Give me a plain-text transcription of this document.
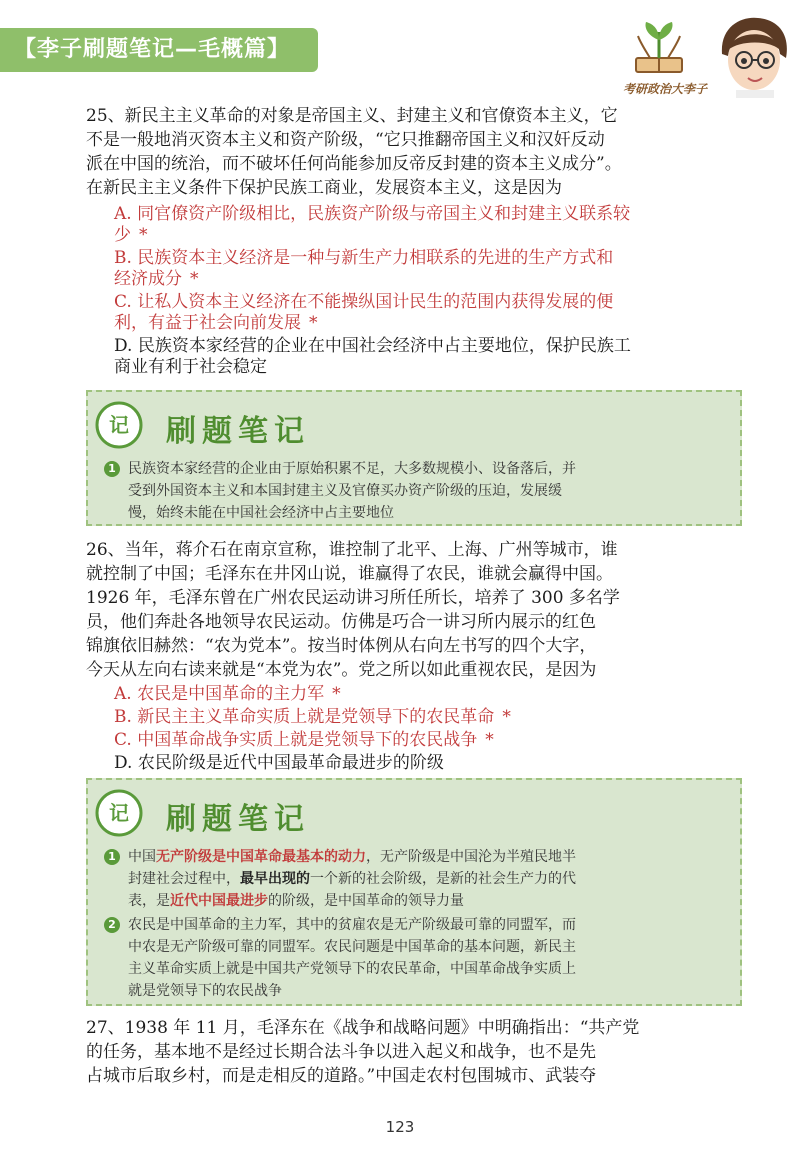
【李子刷题笔记—毛概篇】
考研政治大李子
25、新民主主义革命的对象是帝国主义、封建主义和官僚资本主义，它
不是一般地消灭资本主义和资产阶级，“它只推翻帝国主义和汉奸反动
派在中国的统治，而不破坏任何尚能参加反帝反封建的资本主义成分”。
在新民主主义条件下保护民族工商业，发展资本主义，这是因为
A. 同官僚资产阶级相比，民族资产阶级与帝国主义和封建主义联系较
少 *
B. 民族资本主义经济是一种与新生产力相联系的先进的生产方式和
经济成分 *
C. 让私人资本主义经济在不能操纵国计民生的范围内获得发展的便
利，有益于社会向前发展 *
D. 民族资本家经营的企业在中国社会经济中占主要地位，保护民族工
商业有利于社会稳定
记 刷题笔记
1 民族资本家经营的企业由于原始积累不足，大多数规模小、设备落后，并
受到外国资本主义和本国封建主义及官僚买办资产阶级的压迫，发展缓
慢，始终未能在中国社会经济中占主要地位
26、当年，蒋介石在南京宣称，谁控制了北平、上海、广州等城市，谁
就控制了中国；毛泽东在井冈山说，谁赢得了农民，谁就会赢得中国。
1926 年，毛泽东曾在广州农民运动讲习所任所长，培养了 300 多名学
员，他们奔赴各地领导农民运动。仿佛是巧合一讲习所内展示的红色
锦旗依旧赫然：“农为党本”。按当时体例从右向左书写的四个大字，
今天从左向右读来就是“本党为农”。党之所以如此重视农民，是因为
A. 农民是中国革命的主力军 *
B. 新民主主义革命实质上就是党领导下的农民革命 *
C. 中国革命战争实质上就是党领导下的农民战争 *
D. 农民阶级是近代中国最革命最进步的阶级
记 刷题笔记
1 中国无产阶级是中国革命最基本的动力，无产阶级是中国沦为半殖民地半
封建社会过程中，最早出现的一个新的社会阶级，是新的社会生产力的代
表，是近代中国最进步的阶级，是中国革命的领导力量
2 农民是中国革命的主力军，其中的贫雇农是无产阶级最可靠的同盟军，而
中农是无产阶级可靠的同盟军。农民问题是中国革命的基本问题，新民主
主义革命实质上就是中国共产党领导下的农民革命，中国革命战争实质上
就是党领导下的农民战争
27、1938 年 11 月，毛泽东在《战争和战略问题》中明确指出：“共产党
的任务，基本地不是经过长期合法斗争以进入起义和战争，也不是先
占城市后取乡村，而是走相反的道路。”中国走农村包围城市、武装夺
123
